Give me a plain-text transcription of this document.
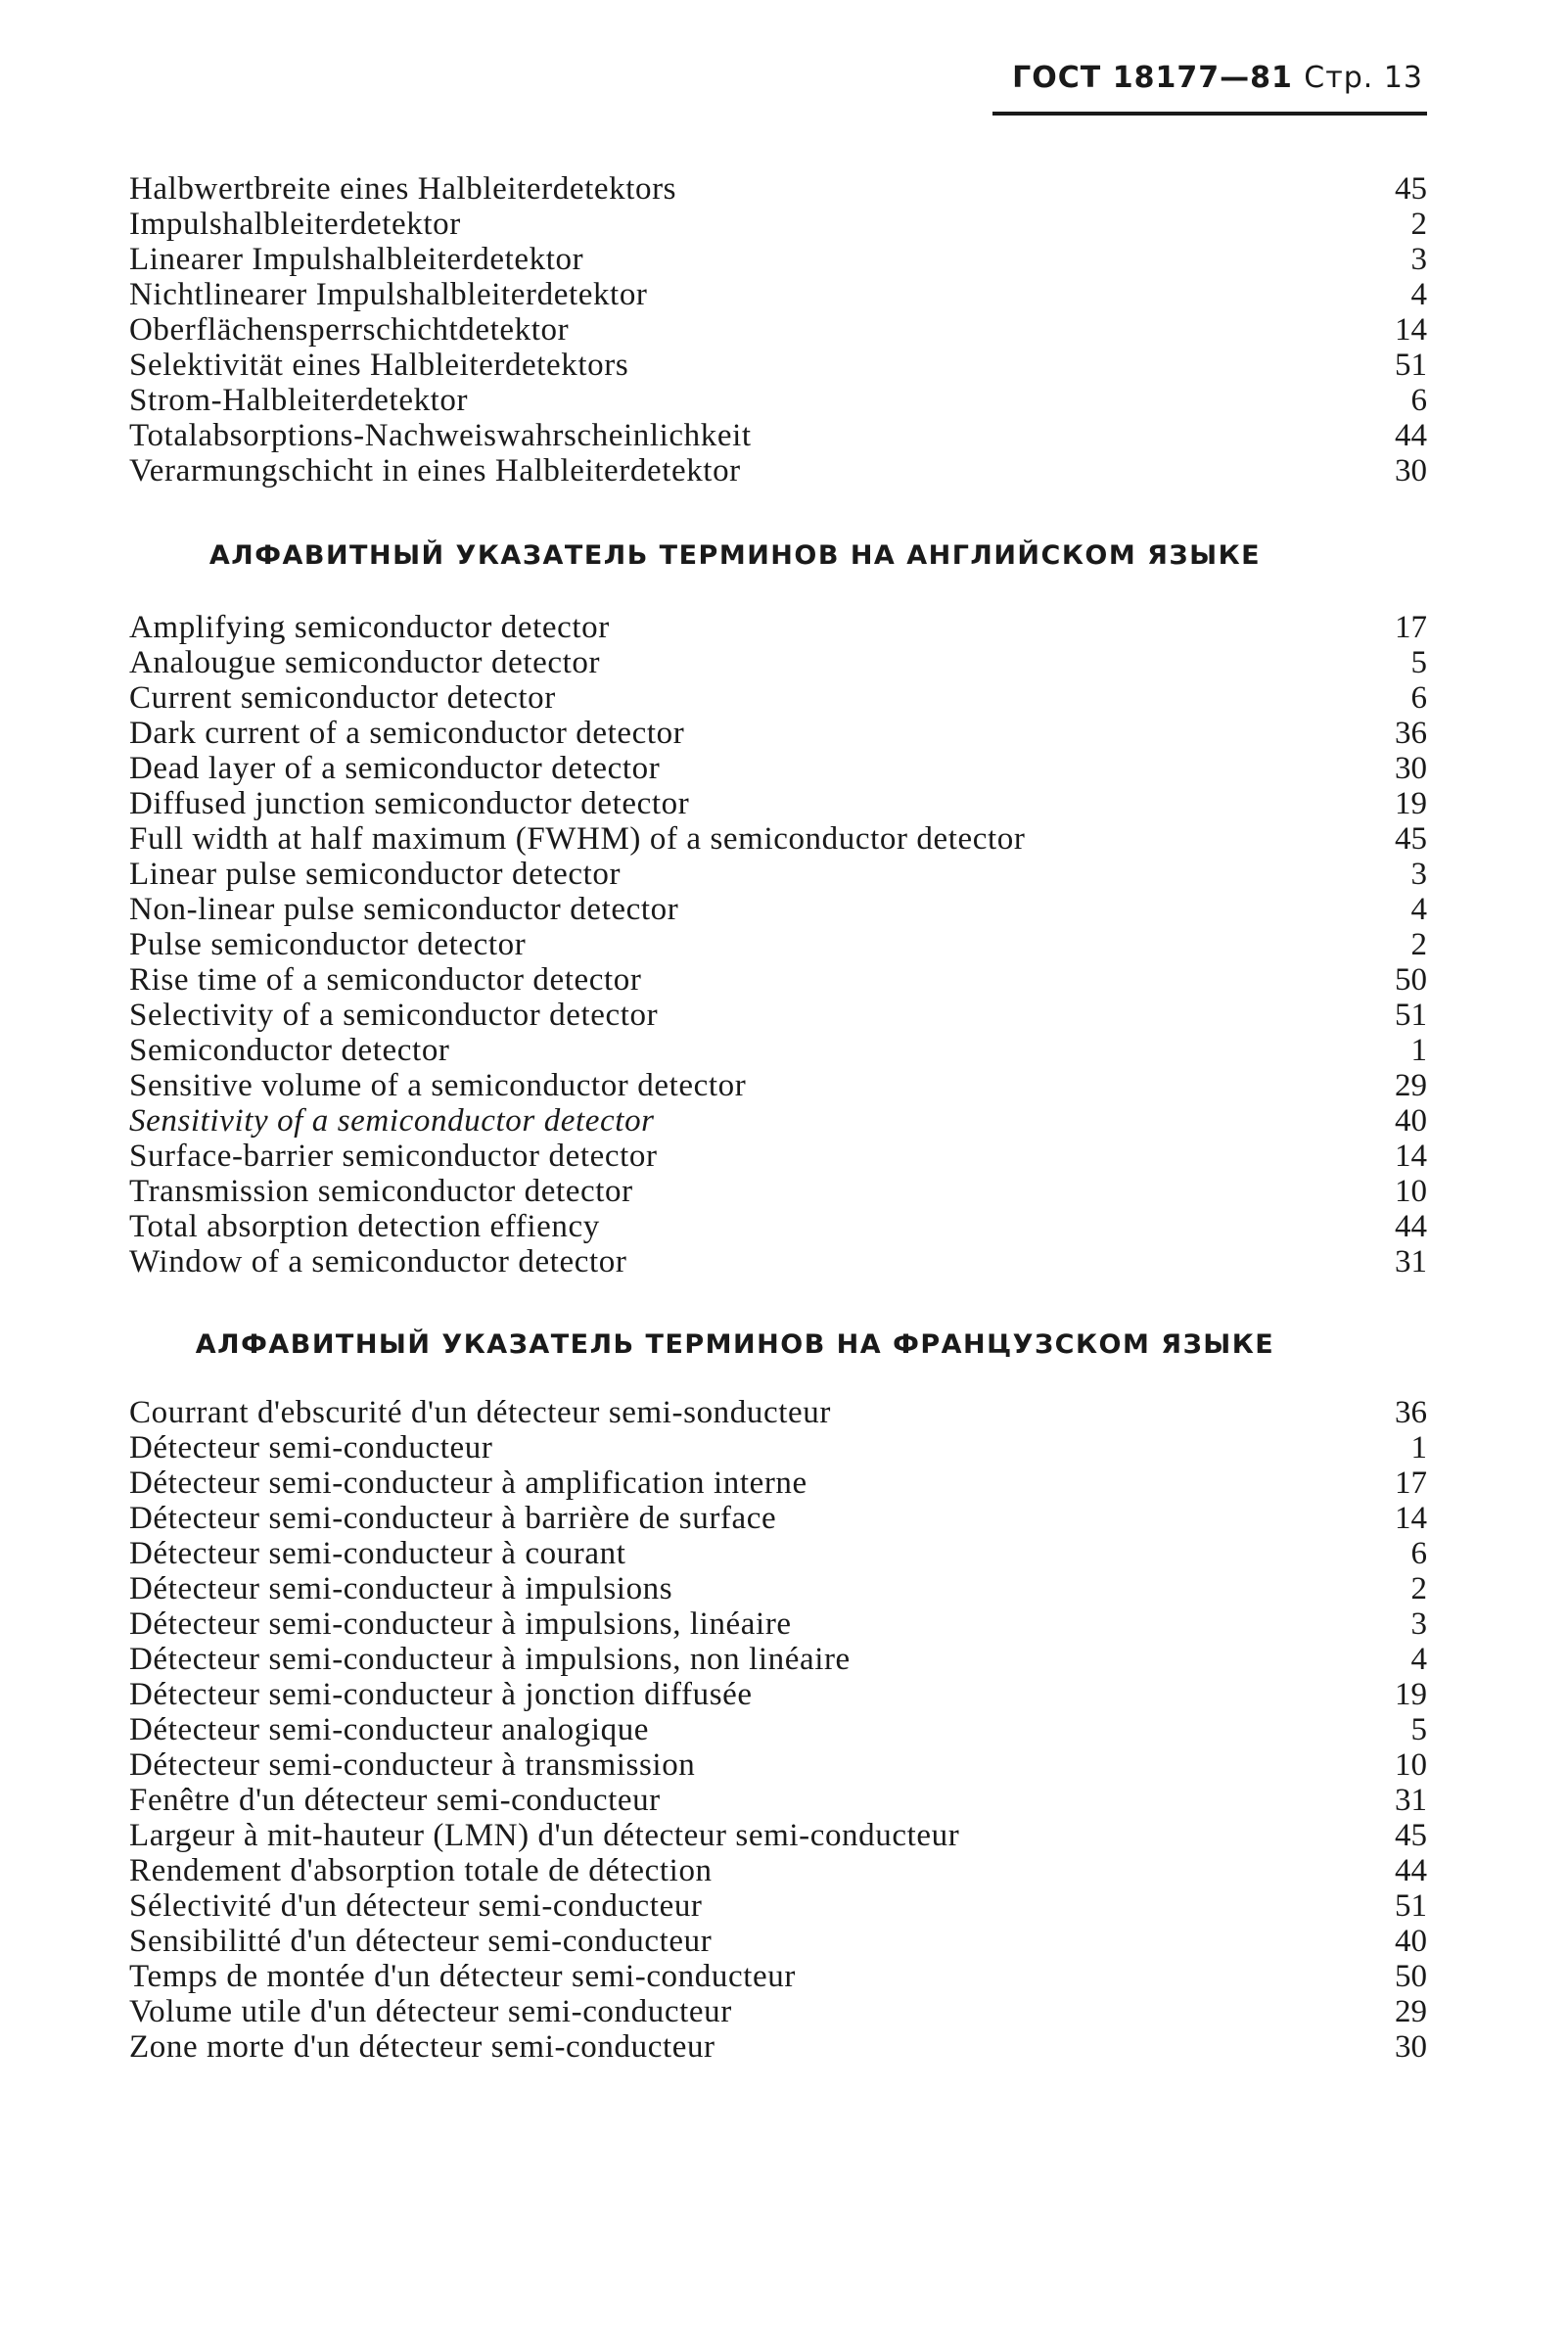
ГОСТ 18177—81 Стр. 13
Halbwertbreite eines Halbleiterdetektors	45
Impulshalbleiterdetektor	2
Linearer Impulshalbleiterdetektor	3
Nichtlinearer Impulshalbleiterdetektor	4
Oberflächensperrschichtdetektor	14
Selektivität eines Halbleiterdetektors	51
Strom-Halbleiterdetektor	6
Totalabsorptions-Nachweiswahrscheinlichkeit	44
Verarmungschicht in eines Halbleiterdetektor	30
АЛФАВИТНЫЙ УКАЗАТЕЛЬ ТЕРМИНОВ НА АНГЛИЙСКОМ ЯЗЫКЕ
Amplifying semiconductor detector	17
Analougue semiconductor detector	5
Current semiconductor detector	6
Dark current of a semiconductor detector	36
Dead layer of a semiconductor detector	30
Diffused junction semiconductor detector	19
Full width at half maximum (FWHM) of a semiconductor detector	45
Linear pulse semiconductor detector	3
Non-linear pulse semiconductor detector	4
Pulse semiconductor detector	2
Rise time of a semiconductor detector	50
Selectivity of a semiconductor detector	51
Semiconductor detector	1
Sensitive volume of a semiconductor detector	29
Sensitivity of a semiconductor detector	40
Surface-barrier semiconductor detector	14
Transmission semiconductor detector	10
Total absorption detection effiency	44
Window of a semiconductor detector	31
АЛФАВИТНЫЙ УКАЗАТЕЛЬ ТЕРМИНОВ НА ФРАНЦУЗСКОМ ЯЗЫКЕ
Courrant d'ebscurité d'un détecteur semi-sonducteur	36
Détecteur semi-conducteur	1
Détecteur semi-conducteur à amplification interne	17
Détecteur semi-conducteur à barrière de surface	14
Détecteur semi-conducteur à courant	6
Détecteur semi-conducteur à impulsions	2
Détecteur semi-conducteur à impulsions, linéaire	3
Détecteur semi-conducteur à impulsions, non linéaire	4
Détecteur semi-conducteur à jonction diffusée	19
Détecteur semi-conducteur analogique	5
Détecteur semi-conducteur à transmission	10
Fenêtre d'un détecteur semi-conducteur	31
Largeur à mit-hauteur (LMN) d'un détecteur semi-conducteur	45
Rendement d'absorption totale de détection	44
Sélectivité d'un détecteur semi-conducteur	51
Sensibilitté d'un détecteur semi-conducteur	40
Temps de montée d'un détecteur semi-conducteur	50
Volume utile d'un détecteur semi-conducteur	29
Zone morte d'un détecteur semi-conducteur	30
